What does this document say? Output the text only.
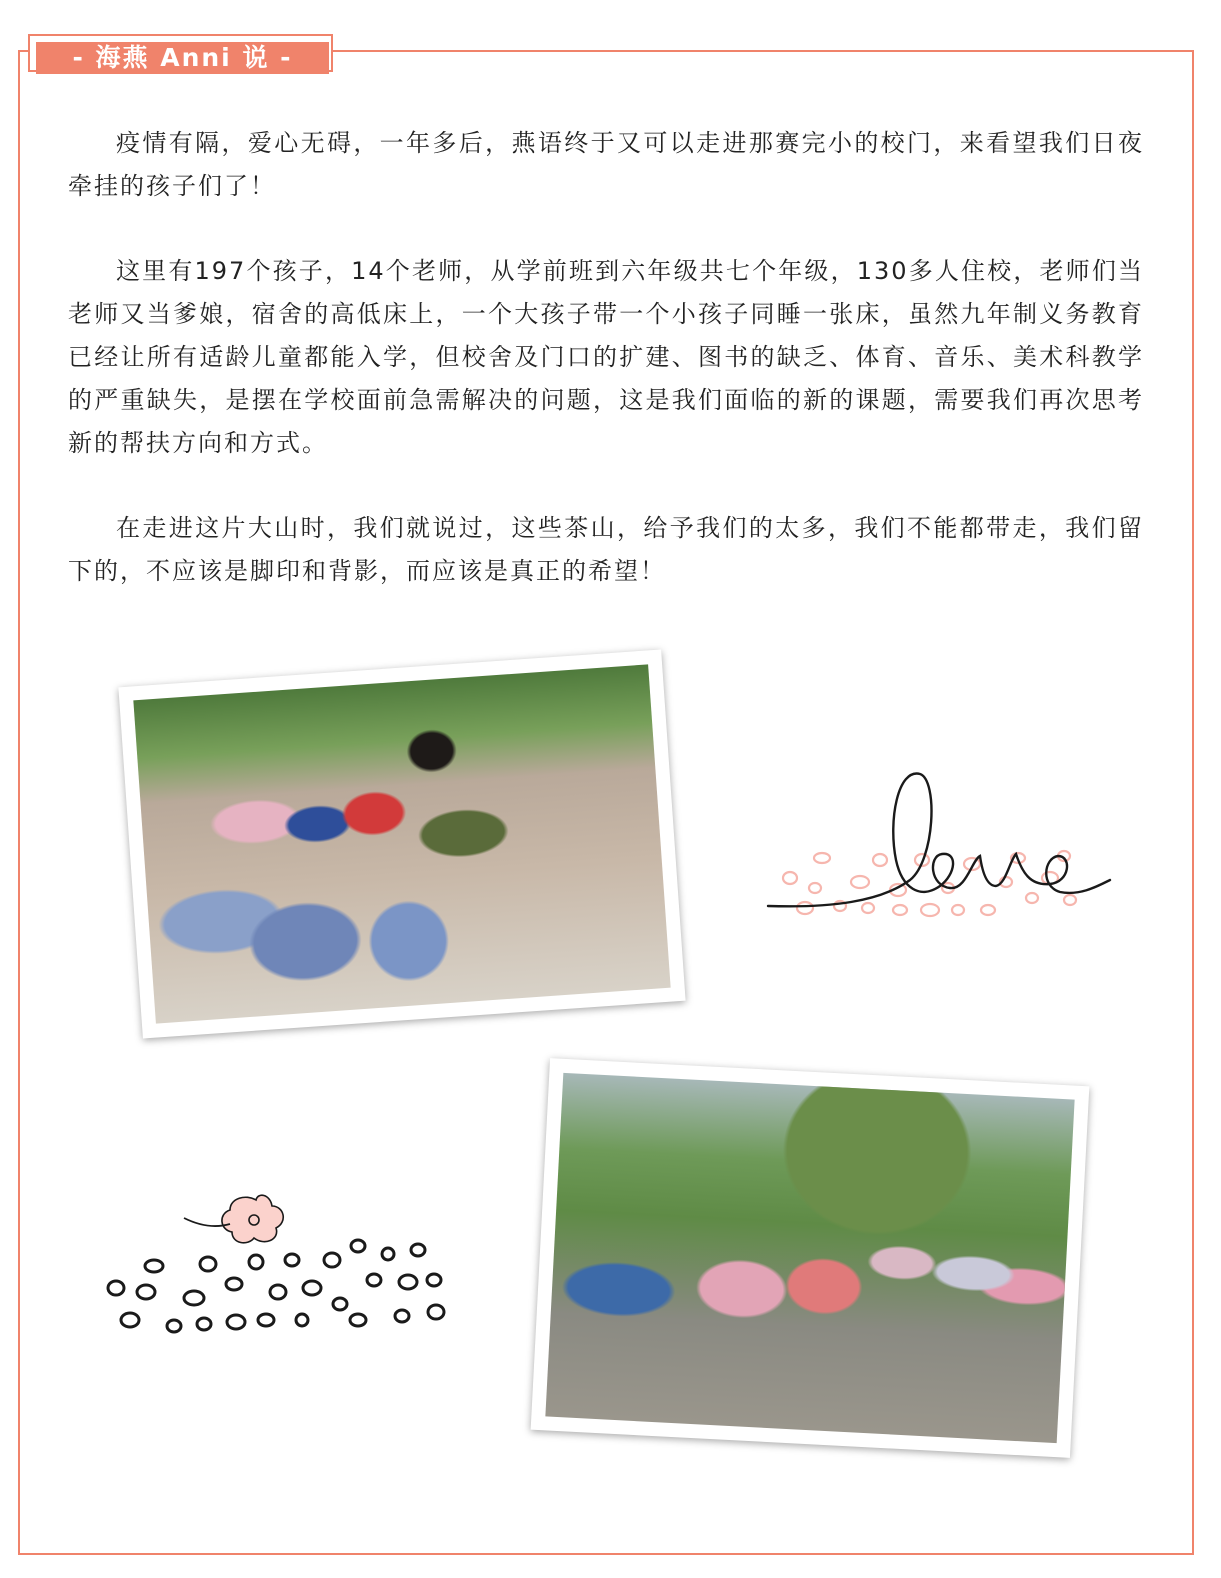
- 海燕 Anni 说 -

疫情有隔，爱心无碍，一年多后，燕语终于又可以走进那赛完小的校门，来看望我们日夜牵挂的孩子们了！

这里有197个孩子，14个老师，从学前班到六年级共七个年级，130多人住校，老师们当老师又当爹娘，宿舍的高低床上，一个大孩子带一个小孩子同睡一张床，虽然九年制义务教育已经让所有适龄儿童都能入学，但校舍及门口的扩建、图书的缺乏、体育、音乐、美术科教学的严重缺失，是摆在学校面前急需解决的问题，这是我们面临的新的课题，需要我们再次思考新的帮扶方向和方式。

在走进这片大山时，我们就说过，这些茶山，给予我们的太多，我们不能都带走，我们留下的，不应该是脚印和背影，而应该是真正的希望！
